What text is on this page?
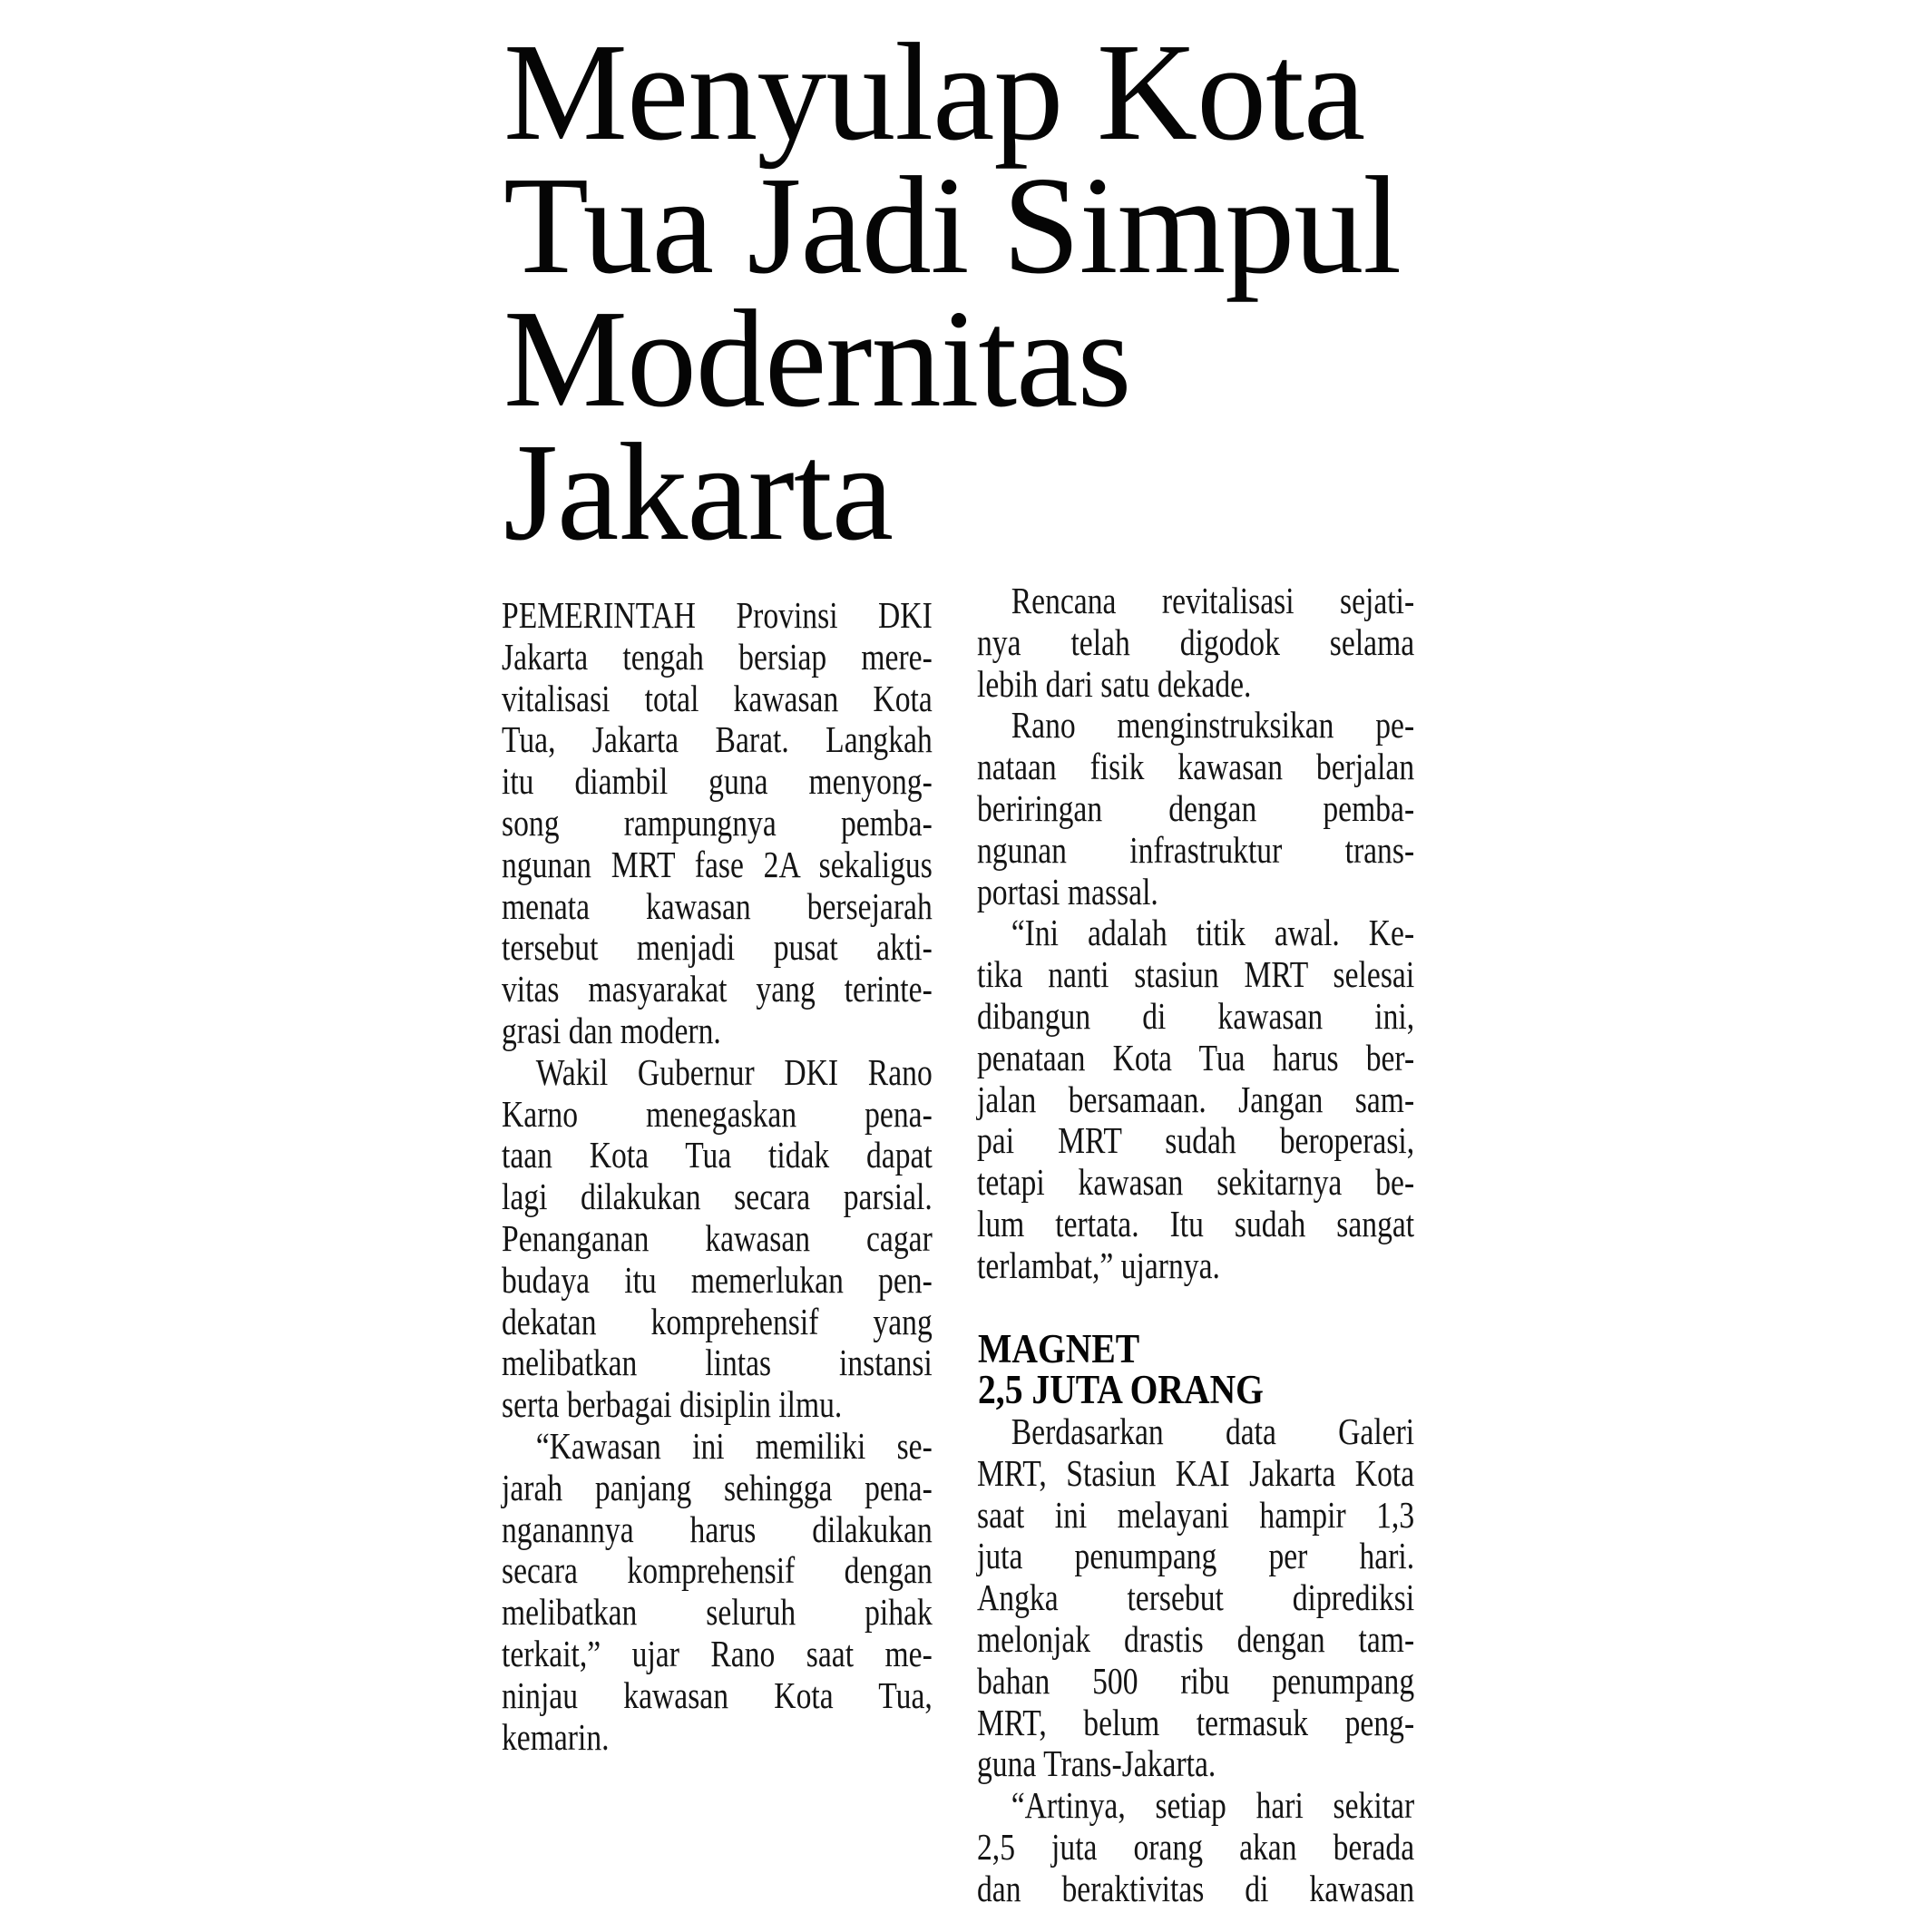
Menyulap Kota
Tua Jadi Simpul
Modernitas
Jakarta
PEMERINTAH Provinsi DKI
Jakarta tengah bersiap mere-
vitalisasi total kawasan Kota
Tua, Jakarta Barat. Langkah
itu diambil guna menyong-
song rampungnya pemba-
ngunan MRT fase 2A sekaligus
menata kawasan bersejarah
tersebut menjadi pusat akti-
vitas masyarakat yang terinte-
grasi dan modern.
Wakil Gubernur DKI Rano
Karno menegaskan pena-
taan Kota Tua tidak dapat
lagi dilakukan secara parsial.
Penanganan kawasan cagar
budaya itu memerlukan pen-
dekatan komprehensif yang
melibatkan lintas instansi
serta berbagai disiplin ilmu.
“Kawasan ini memiliki se-
jarah panjang sehingga pena-
nganannya harus dilakukan
secara komprehensif dengan
melibatkan seluruh pihak
terkait,” ujar Rano saat me-
ninjau kawasan Kota Tua,
kemarin.
Rencana revitalisasi sejati-
nya telah digodok selama
lebih dari satu dekade.
Rano menginstruksikan pe-
nataan fisik kawasan berjalan
beriringan dengan pemba-
ngunan infrastruktur trans-
portasi massal.
“Ini adalah titik awal. Ke-
tika nanti stasiun MRT selesai
dibangun di kawasan ini,
penataan Kota Tua harus ber-
jalan bersamaan. Jangan sam-
pai MRT sudah beroperasi,
tetapi kawasan sekitarnya be-
lum tertata. Itu sudah sangat
terlambat,” ujarnya.
MAGNET
2,5 JUTA ORANG
Berdasarkan data Galeri
MRT, Stasiun KAI Jakarta Kota
saat ini melayani hampir 1,3
juta penumpang per hari.
Angka tersebut diprediksi
melonjak drastis dengan tam-
bahan 500 ribu penumpang
MRT, belum termasuk peng-
guna Trans-Jakarta.
“Artinya, setiap hari sekitar
2,5 juta orang akan berada
dan beraktivitas di kawasan
